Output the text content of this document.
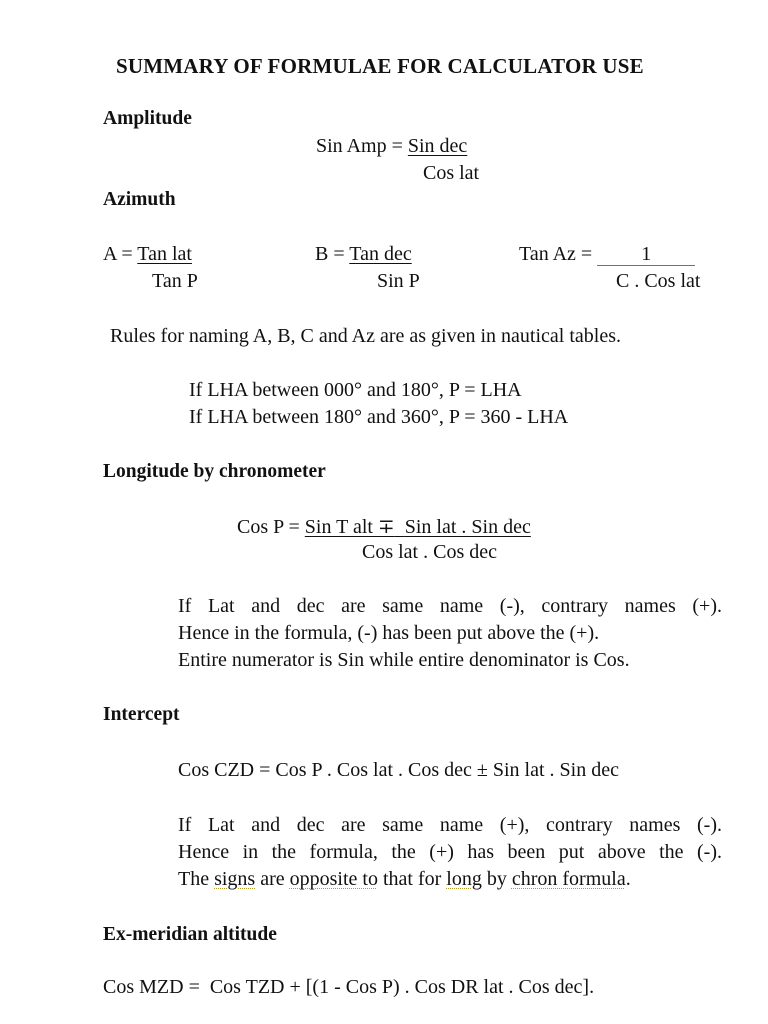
SUMMARY OF FORMULAE FOR CALCULATOR USE
Amplitude
Sin Amp = Sin dec
Cos lat
Azimuth
A = Tan lat
Tan P
B = Tan dec
Sin P
Tan Az = 1
C . Cos lat
Rules for naming A, B, C and Az are as given in nautical tables.
If LHA between 000° and 180°, P = LHA
If LHA between 180° and 360°, P = 360 - LHA
Longitude by chronometer
Cos P = Sin T alt ∓ Sin lat . Sin dec
Cos lat . Cos dec
If Lat and dec are same name (-), contrary names (+).
Hence in the formula, (-) has been put above the (+).
Entire numerator is Sin while entire denominator is Cos.
Intercept
Cos CZD = Cos P . Cos lat . Cos dec ± Sin lat . Sin dec
If Lat and dec are same name (+), contrary names (-).
Hence in the formula, the (+) has been put above the (-).
The signs are opposite to that for long by chron formula.
Ex-meridian altitude
Cos MZD =  Cos TZD + [(1 - Cos P) . Cos DR lat . Cos dec].
